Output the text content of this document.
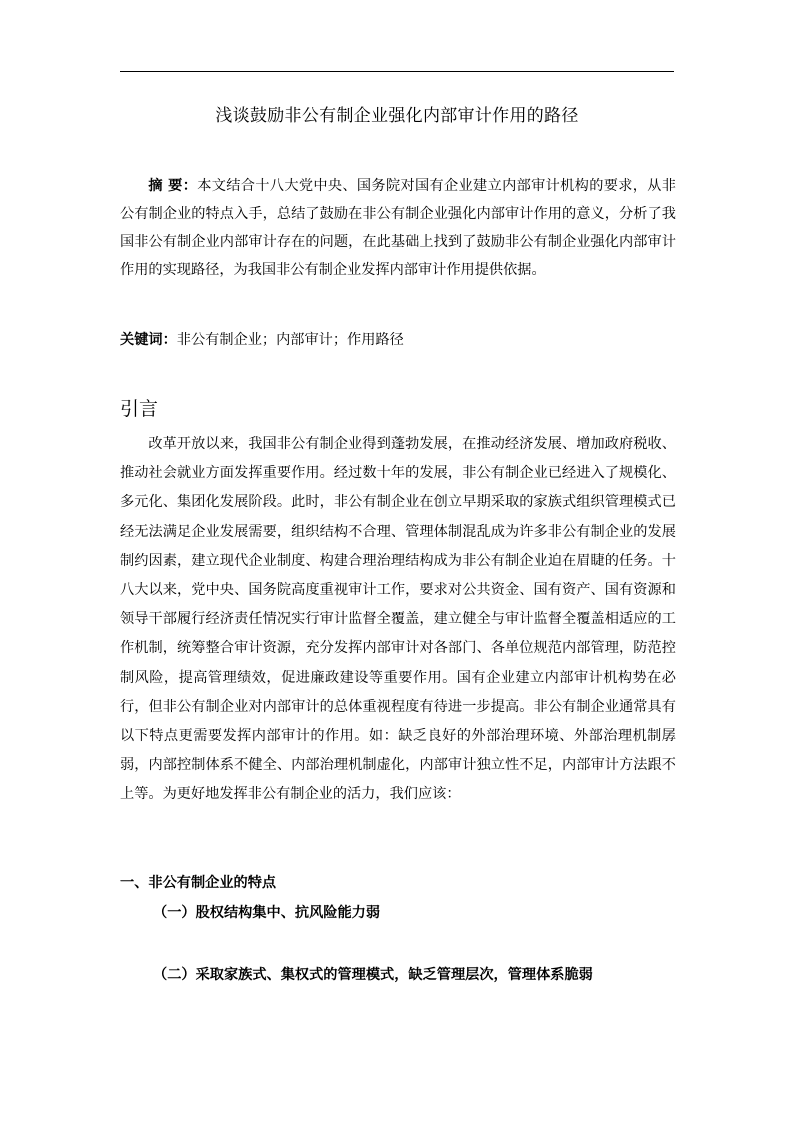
浅谈鼓励非公有制企业强化内部审计作用的路径
摘 要：本文结合十八大党中央、国务院对国有企业建立内部审计机构的要求，从非公有制企业的特点入手，总结了鼓励在非公有制企业强化内部审计作用的意义，分析了我国非公有制企业内部审计存在的问题，在此基础上找到了鼓励非公有制企业强化内部审计作用的实现路径，为我国非公有制企业发挥内部审计作用提供依据。
关键词：非公有制企业；内部审计；作用路径
引言
改革开放以来，我国非公有制企业得到蓬勃发展，在推动经济发展、增加政府税收、推动社会就业方面发挥重要作用。经过数十年的发展，非公有制企业已经进入了规模化、多元化、集团化发展阶段。此时，非公有制企业在创立早期采取的家族式组织管理模式已经无法满足企业发展需要，组织结构不合理、管理体制混乱成为许多非公有制企业的发展制约因素，建立现代企业制度、构建合理治理结构成为非公有制企业迫在眉睫的任务。十八大以来，党中央、国务院高度重视审计工作，要求对公共资金、国有资产、国有资源和领导干部履行经济责任情况实行审计监督全覆盖，建立健全与审计监督全覆盖相适应的工作机制，统筹整合审计资源，充分发挥内部审计对各部门、各单位规范内部管理，防范控制风险，提高管理绩效，促进廉政建设等重要作用。国有企业建立内部审计机构势在必行，但非公有制企业对内部审计的总体重视程度有待进一步提高。非公有制企业通常具有以下特点更需要发挥内部审计的作用。如：缺乏良好的外部治理环境、外部治理机制孱弱，内部控制体系不健全、内部治理机制虚化，内部审计独立性不足，内部审计方法跟不上等。为更好地发挥非公有制企业的活力，我们应该：
一、非公有制企业的特点
（一）股权结构集中、抗风险能力弱
（二）采取家族式、集权式的管理模式，缺乏管理层次，管理体系脆弱
